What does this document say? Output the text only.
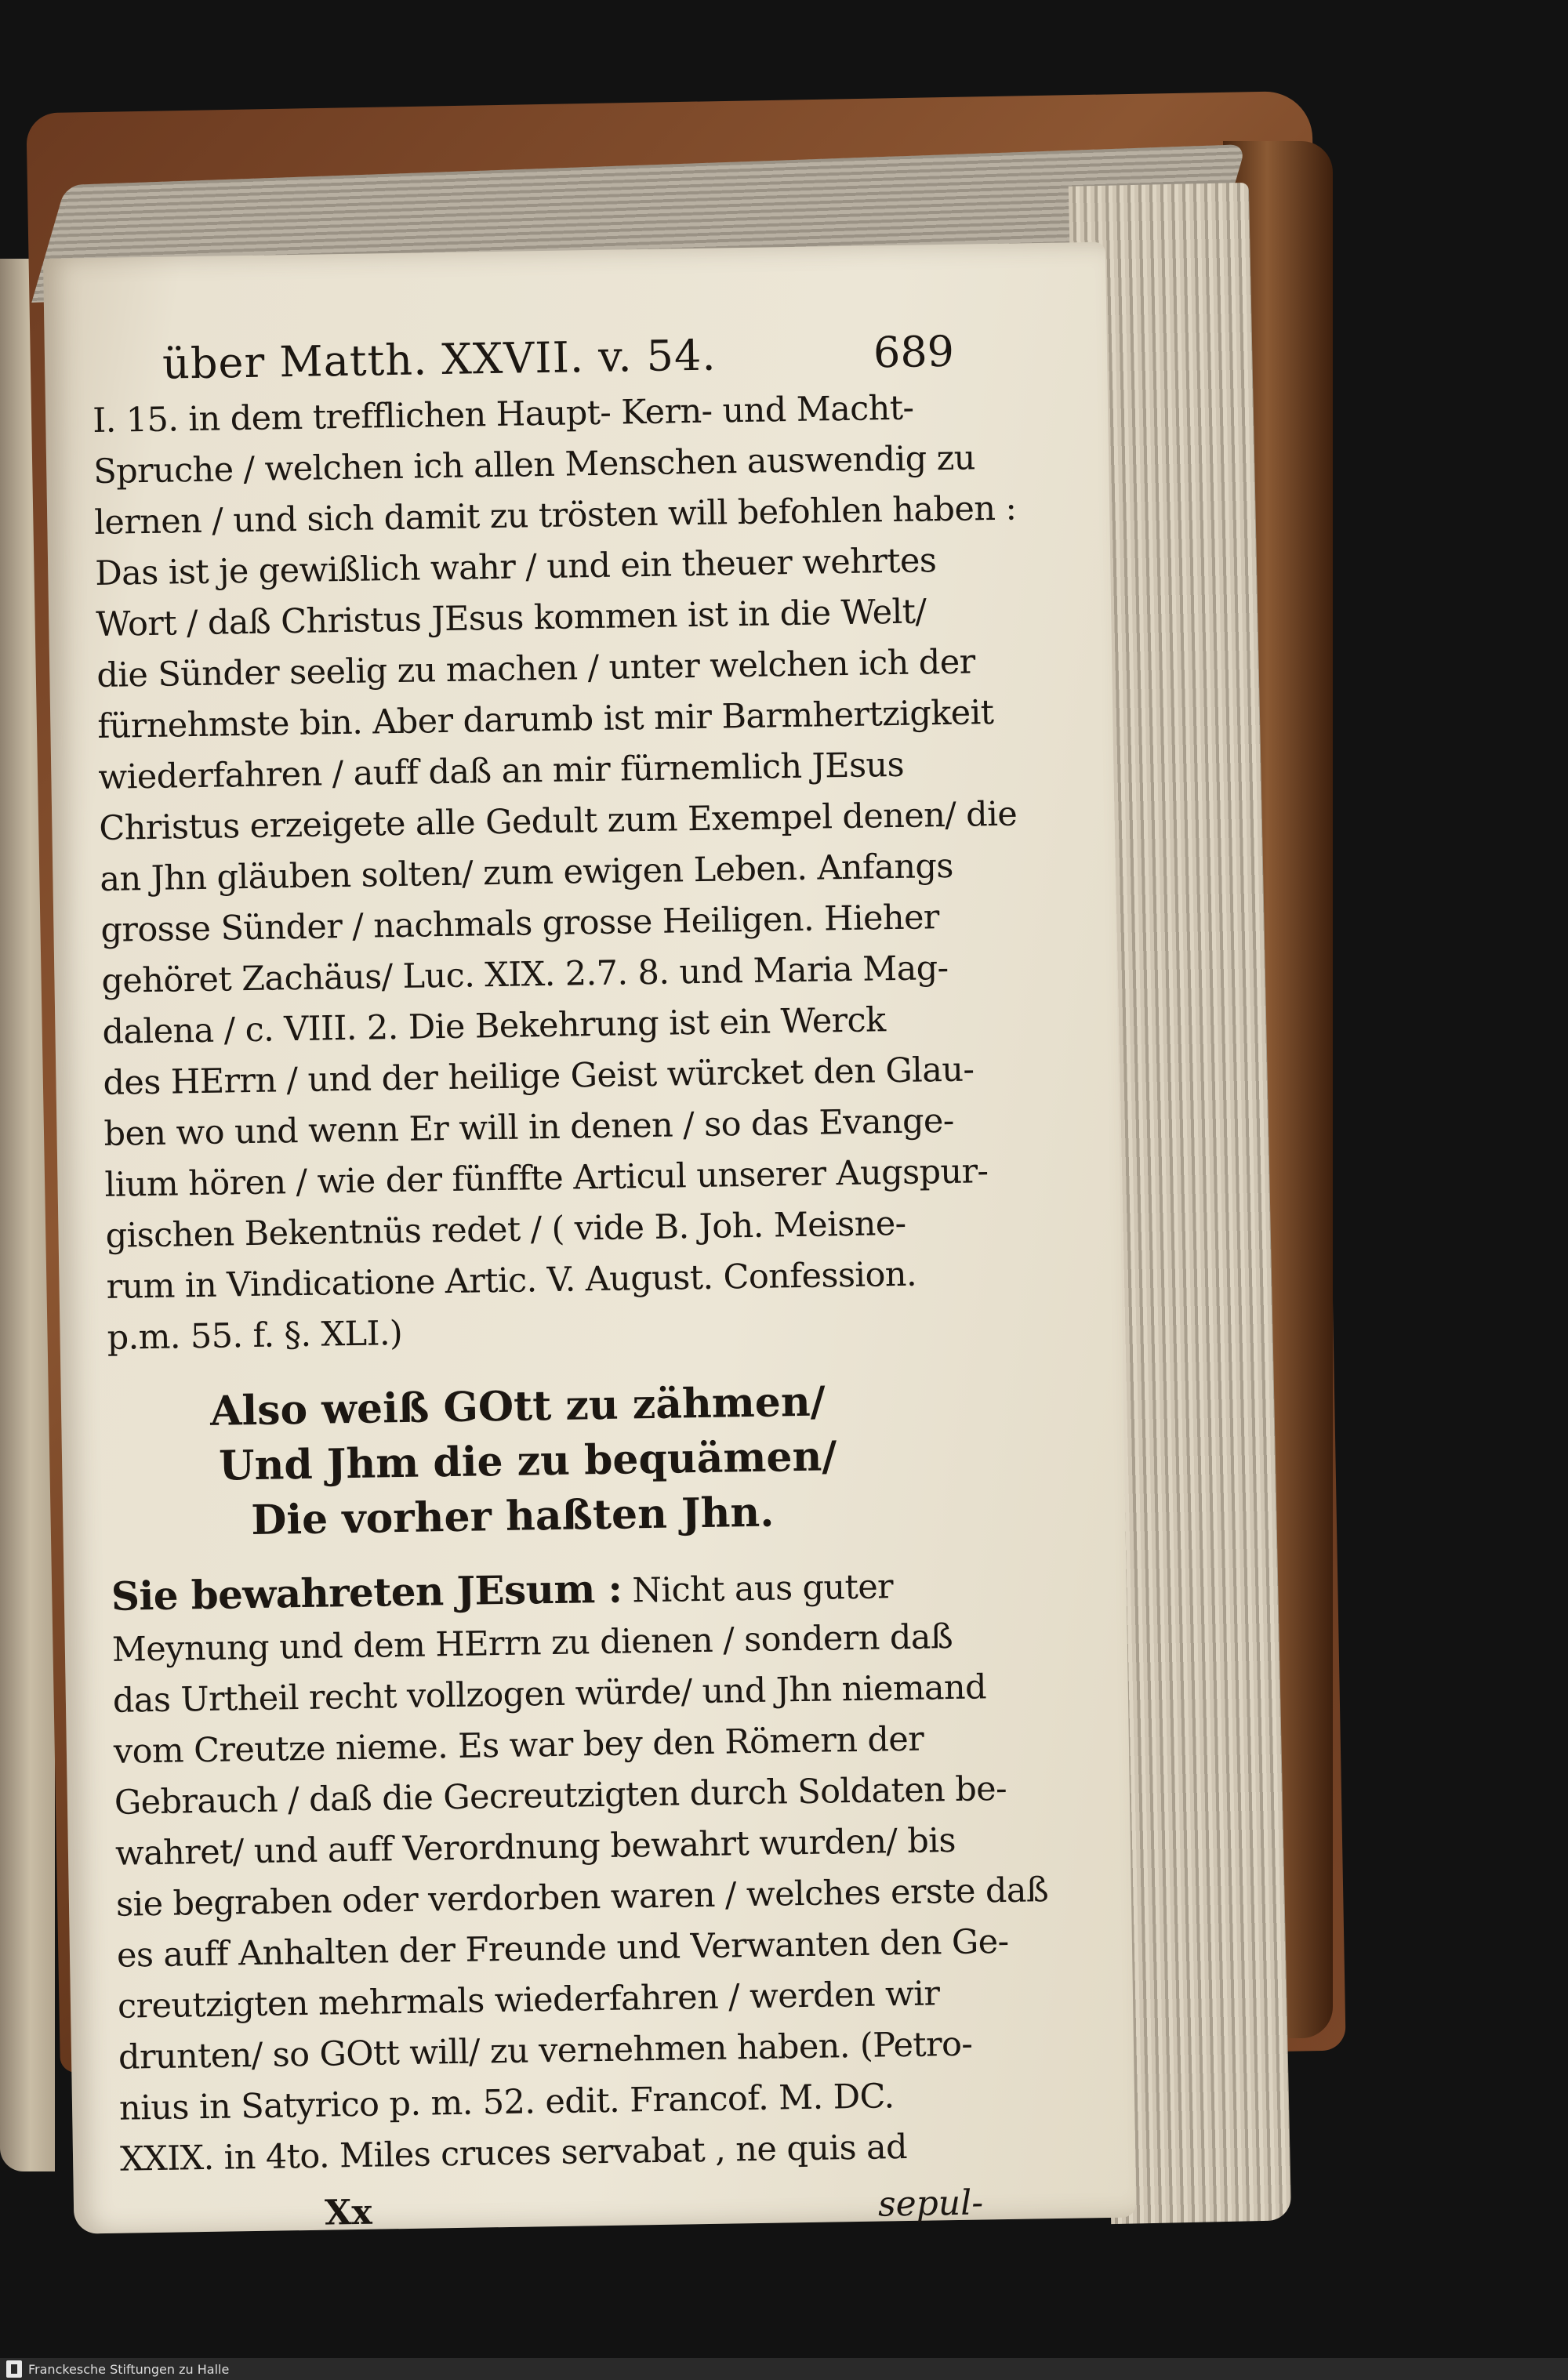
über Matth. XXVII. v. 54.	689
I. 15. in dem trefflichen Haupt- Kern- und Macht-
Spruche / welchen ich allen Menschen auswendig zu
lernen / und sich damit zu trösten will befohlen haben :
Das ist je gewißlich wahr / und ein theuer wehrtes
Wort / daß Christus JEsus kommen ist in die Welt/
die Sünder seelig zu machen / unter welchen ich der
fürnehmste bin. Aber darumb ist mir Barmhertzigkeit
wiederfahren / auff daß an mir fürnemlich JEsus
Christus erzeigete alle Gedult zum Exempel denen/ die
an Jhn gläuben solten/ zum ewigen Leben. Anfangs
grosse Sünder / nachmals grosse Heiligen. Hieher
gehöret Zachäus/ Luc. XIX. 2.7. 8. und Maria Mag-
dalena / c. VIII. 2. Die Bekehrung ist ein Werck
des HErrn / und der heilige Geist würcket den Glau-
ben wo und wenn Er will in denen / so das Evange-
lium hören / wie der fünffte Articul unserer Augspur-
gischen Bekentnüs redet / ( vide B. Joh. Meisne-
rum in Vindicatione Artic. V. August. Confession.
p.m. 55. f. §. XLI.)
Also weiß GOtt zu zähmen/
Und Jhm die zu bequämen/
Die vorher haßten Jhn.
Sie bewahreten JEsum : Nicht aus guter
Meynung und dem HErrn zu dienen / sondern daß
das Urtheil recht vollzogen würde/ und Jhn niemand
vom Creutze nieme. Es war bey den Römern der
Gebrauch / daß die Gecreutzigten durch Soldaten be-
wahret/ und auff Verordnung bewahrt wurden/ bis
sie begraben oder verdorben waren / welches erste daß
es auff Anhalten der Freunde und Verwanten den Ge-
creutzigten mehrmals wiederfahren / werden wir
drunten/ so GOtt will/ zu vernehmen haben. (Petro-
nius in Satyrico p. m. 52. edit. Francof. M. DC.
XXIX. in 4to. Miles cruces servabat , ne quis ad
Xx	sepul-
Franckesche Stiftungen zu Halle
